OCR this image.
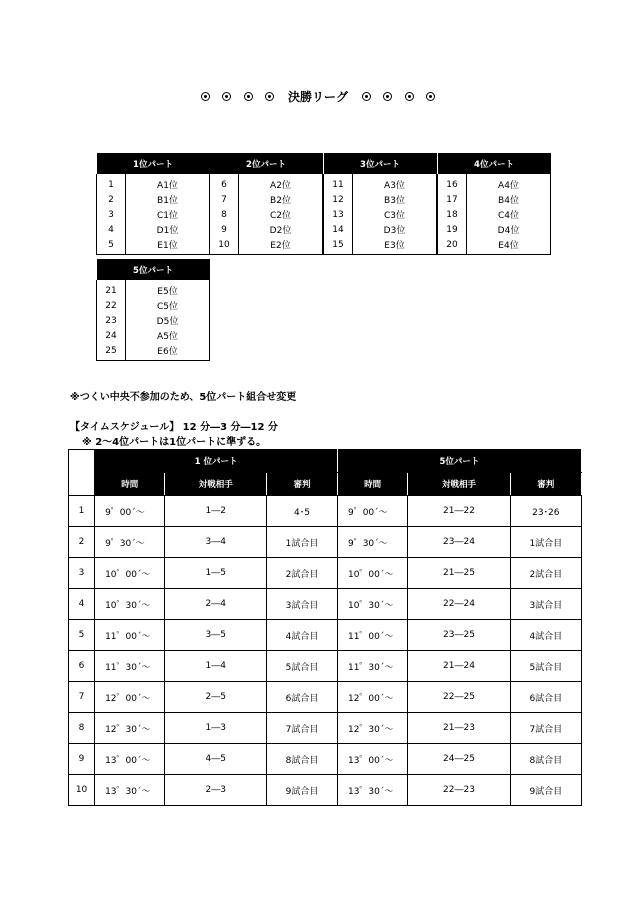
決勝リーグ
1位パート	
1	A1位
2	B1位
3	C1位
4	D1位
5	E1位
2位パート	
6	A2位
7	B2位
8	C2位
9	D2位
10	E2位
3位パート	
11	A3位
12	B3位
13	C3位
14	D3位
15	E3位
4位パート	
16	A4位
17	B4位
18	C4位
19	D4位
20	E4位
5位パート	
21	E5位
22	C5位
23	D5位
24	A5位
25	E6位
※つくい中央不参加のため、5位パート組合せ変更
【タイムスケジュール】 12 分―3 分―12 分
※ 2～4位パートは1位パートに準ずる。
	1 位パート			5位パート		
	時間	対戦相手	審判	時間	対戦相手	審判
1	9゜00´～	1―2	4･5	9゜00´～	21―22	23･26
2	9゜30´～	3―4	1試合目	9゜30´～	23―24	1試合目
3	10゜00´～	1―5	2試合目	10゜00´～	21―25	2試合目
4	10゜30´～	2―4	3試合目	10゜30´～	22―24	3試合目
5	11゜00´～	3―5	4試合目	11゜00´～	23―25	4試合目
6	11゜30´～	1―4	5試合目	11゜30´～	21―24	5試合目
7	12゜00´～	2―5	6試合目	12゜00´～	22―25	6試合目
8	12゜30´～	1―3	7試合目	12゜30´～	21―23	7試合目
9	13゜00´～	4―5	8試合目	13゜00´～	24―25	8試合目
10	13゜30´～	2―3	9試合目	13゜30´～	22―23	9試合目
